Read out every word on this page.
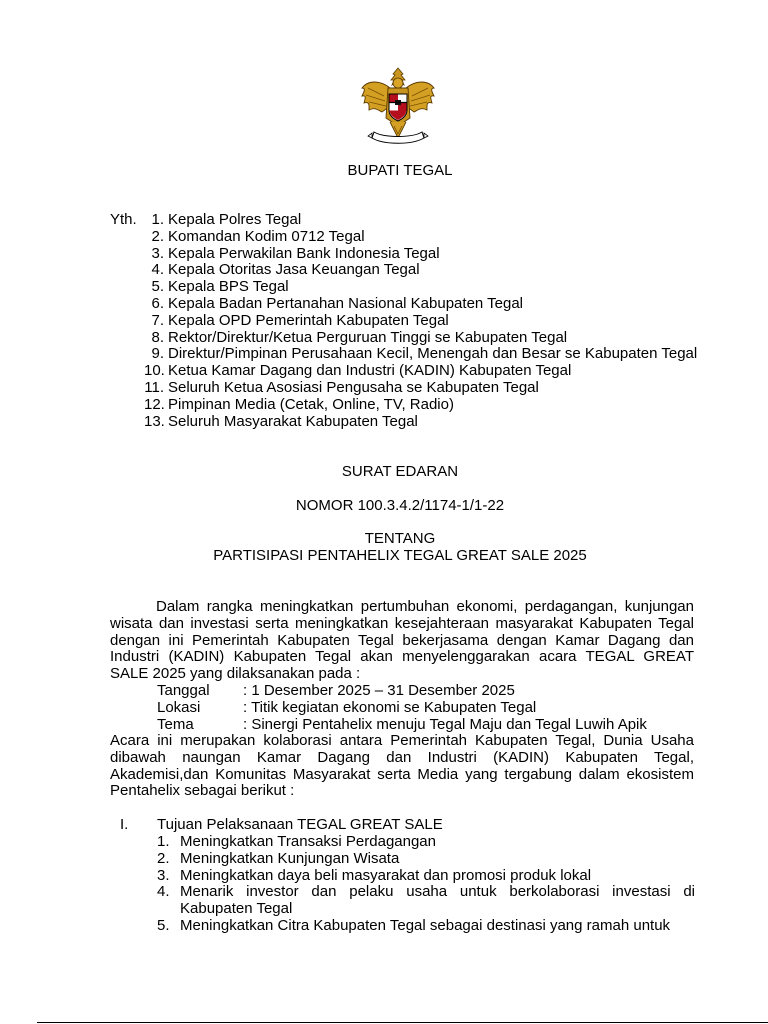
BUPATI TEGAL
Yth. 1. Kepala Polres Tegal
2. Komandan Kodim 0712 Tegal
3. Kepala Perwakilan Bank Indonesia Tegal
4. Kepala Otoritas Jasa Keuangan Tegal
5. Kepala BPS Tegal
6. Kepala Badan Pertanahan Nasional Kabupaten Tegal
7. Kepala OPD Pemerintah Kabupaten Tegal
8. Rektor/Direktur/Ketua Perguruan Tinggi se Kabupaten Tegal
9. Direktur/Pimpinan Perusahaan Kecil, Menengah dan Besar se Kabupaten Tegal
10. Ketua Kamar Dagang dan Industri (KADIN) Kabupaten Tegal
11. Seluruh Ketua Asosiasi Pengusaha se Kabupaten Tegal
12. Pimpinan Media (Cetak, Online, TV, Radio)
13. Seluruh Masyarakat Kabupaten Tegal
SURAT EDARAN
NOMOR 100.3.4.2/1174-1/1-22
TENTANG
PARTISIPASI PENTAHELIX TEGAL GREAT SALE 2025
Dalam rangka meningkatkan pertumbuhan ekonomi, perdagangan, kunjungan wisata dan investasi serta meningkatkan kesejahteraan masyarakat Kabupaten Tegal dengan ini Pemerintah Kabupaten Tegal bekerjasama dengan Kamar Dagang dan Industri (KADIN) Kabupaten Tegal akan menyelenggarakan acara TEGAL GREAT SALE 2025 yang dilaksanakan pada :
Tanggal	: 1 Desember 2025 – 31 Desember 2025
Lokasi	: Titik kegiatan ekonomi se Kabupaten Tegal
Tema	: Sinergi Pentahelix menuju Tegal Maju dan Tegal Luwih Apik
Acara ini merupakan kolaborasi antara Pemerintah Kabupaten Tegal, Dunia Usaha dibawah naungan Kamar Dagang dan Industri (KADIN) Kabupaten Tegal, Akademisi,dan Komunitas Masyarakat serta Media yang tergabung dalam ekosistem Pentahelix sebagai berikut :
I. Tujuan Pelaksanaan TEGAL GREAT SALE
1. Meningkatkan Transaksi Perdagangan
2. Meningkatkan Kunjungan Wisata
3. Meningkatkan daya beli masyarakat dan promosi produk lokal
4. Menarik investor dan pelaku usaha untuk berkolaborasi investasi di Kabupaten Tegal
5. Meningkatkan Citra Kabupaten Tegal sebagai destinasi yang ramah untuk
